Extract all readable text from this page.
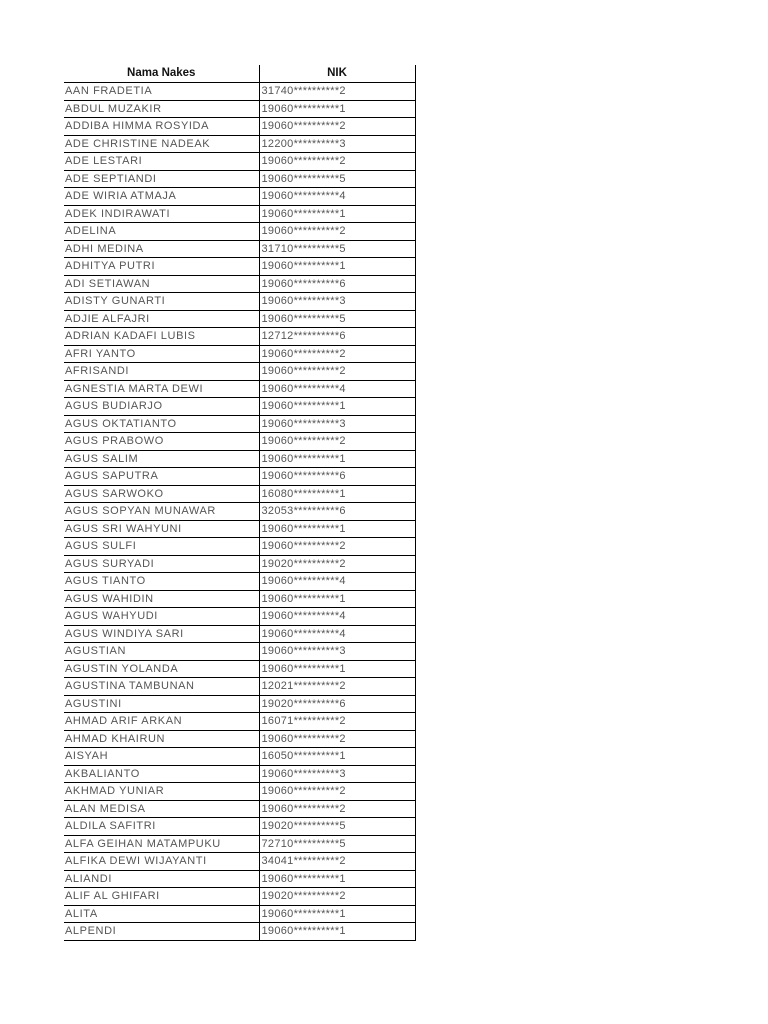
Nama Nakes	NIK
AAN FRADETIA	31740**********2
ABDUL MUZAKIR	19060**********1
ADDIBA HIMMA ROSYIDA	19060**********2
ADE CHRISTINE NADEAK	12200**********3
ADE LESTARI	19060**********2
ADE SEPTIANDI	19060**********5
ADE WIRIA ATMAJA	19060**********4
ADEK INDIRAWATI	19060**********1
ADELINA	19060**********2
ADHI MEDINA	31710**********5
ADHITYA PUTRI	19060**********1
ADI SETIAWAN	19060**********6
ADISTY GUNARTI	19060**********3
ADJIE ALFAJRI	19060**********5
ADRIAN KADAFI LUBIS	12712**********6
AFRI YANTO	19060**********2
AFRISANDI	19060**********2
AGNESTIA MARTA DEWI	19060**********4
AGUS BUDIARJO	19060**********1
AGUS OKTATIANTO	19060**********3
AGUS PRABOWO	19060**********2
AGUS SALIM	19060**********1
AGUS SAPUTRA	19060**********6
AGUS SARWOKO	16080**********1
AGUS SOPYAN MUNAWAR	32053**********6
AGUS SRI WAHYUNI	19060**********1
AGUS SULFI	19060**********2
AGUS SURYADI	19020**********2
AGUS TIANTO	19060**********4
AGUS WAHIDIN	19060**********1
AGUS WAHYUDI	19060**********4
AGUS WINDIYA SARI	19060**********4
AGUSTIAN	19060**********3
AGUSTIN YOLANDA	19060**********1
AGUSTINA TAMBUNAN	12021**********2
AGUSTINI	19020**********6
AHMAD ARIF ARKAN	16071**********2
AHMAD KHAIRUN	19060**********2
AISYAH	16050**********1
AKBALIANTO	19060**********3
AKHMAD YUNIAR	19060**********2
ALAN MEDISA	19060**********2
ALDILA SAFITRI	19020**********5
ALFA GEIHAN MATAMPUKU	72710**********5
ALFIKA DEWI WIJAYANTI	34041**********2
ALIANDI	19060**********1
ALIF AL GHIFARI	19020**********2
ALITA	19060**********1
ALPENDI	19060**********1
